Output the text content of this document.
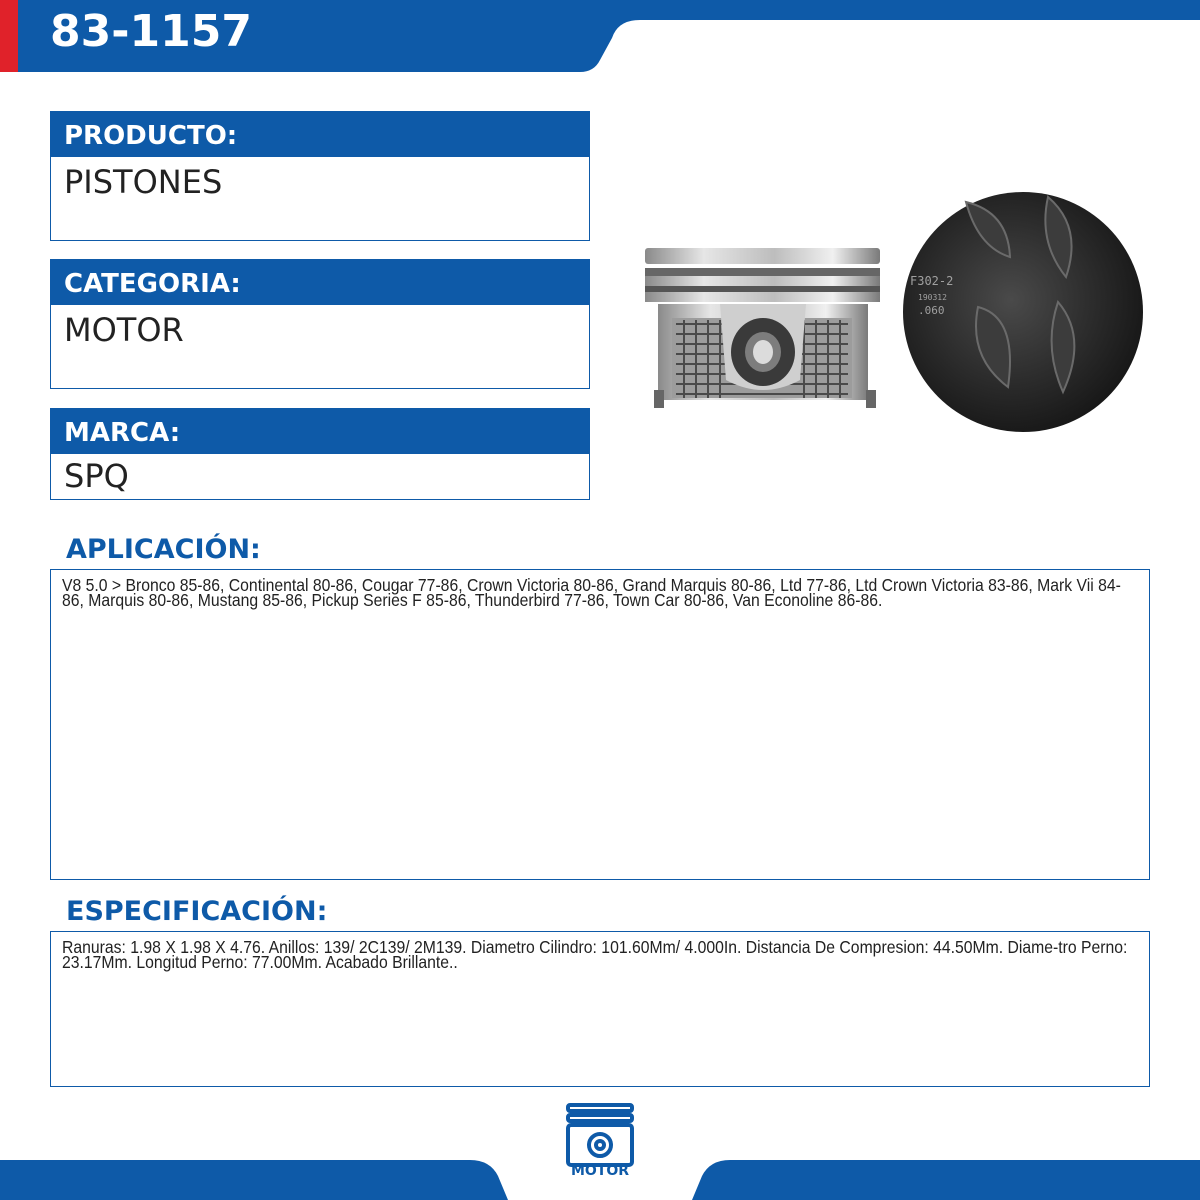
83-1157
PRODUCTO:
PISTONES
CATEGORIA:
MOTOR
MARCA:
SPQ
F302-2
190312
.060
APLICACIÓN:
V8 5.0 > Bronco 85-86, Continental 80-86, Cougar 77-86, Crown Victoria 80-86, Grand Marquis 80-86, Ltd 77-86, Ltd Crown Victoria 83-86, Mark Vii 84-86, Marquis 80-86, Mustang 85-86, Pickup Series F 85-86, Thunderbird 77-86, Town Car 80-86, Van Econoline 86-86.
ESPECIFICACIÓN:
Ranuras: 1.98 X 1.98 X 4.76. Anillos: 139/ 2C139/ 2M139. Diametro Cilindro: 101.60Mm/ 4.000In. Distancia De Compresion: 44.50Mm. Diame-tro Perno: 23.17Mm. Longitud Perno: 77.00Mm. Acabado Brillante..
MOTOR
